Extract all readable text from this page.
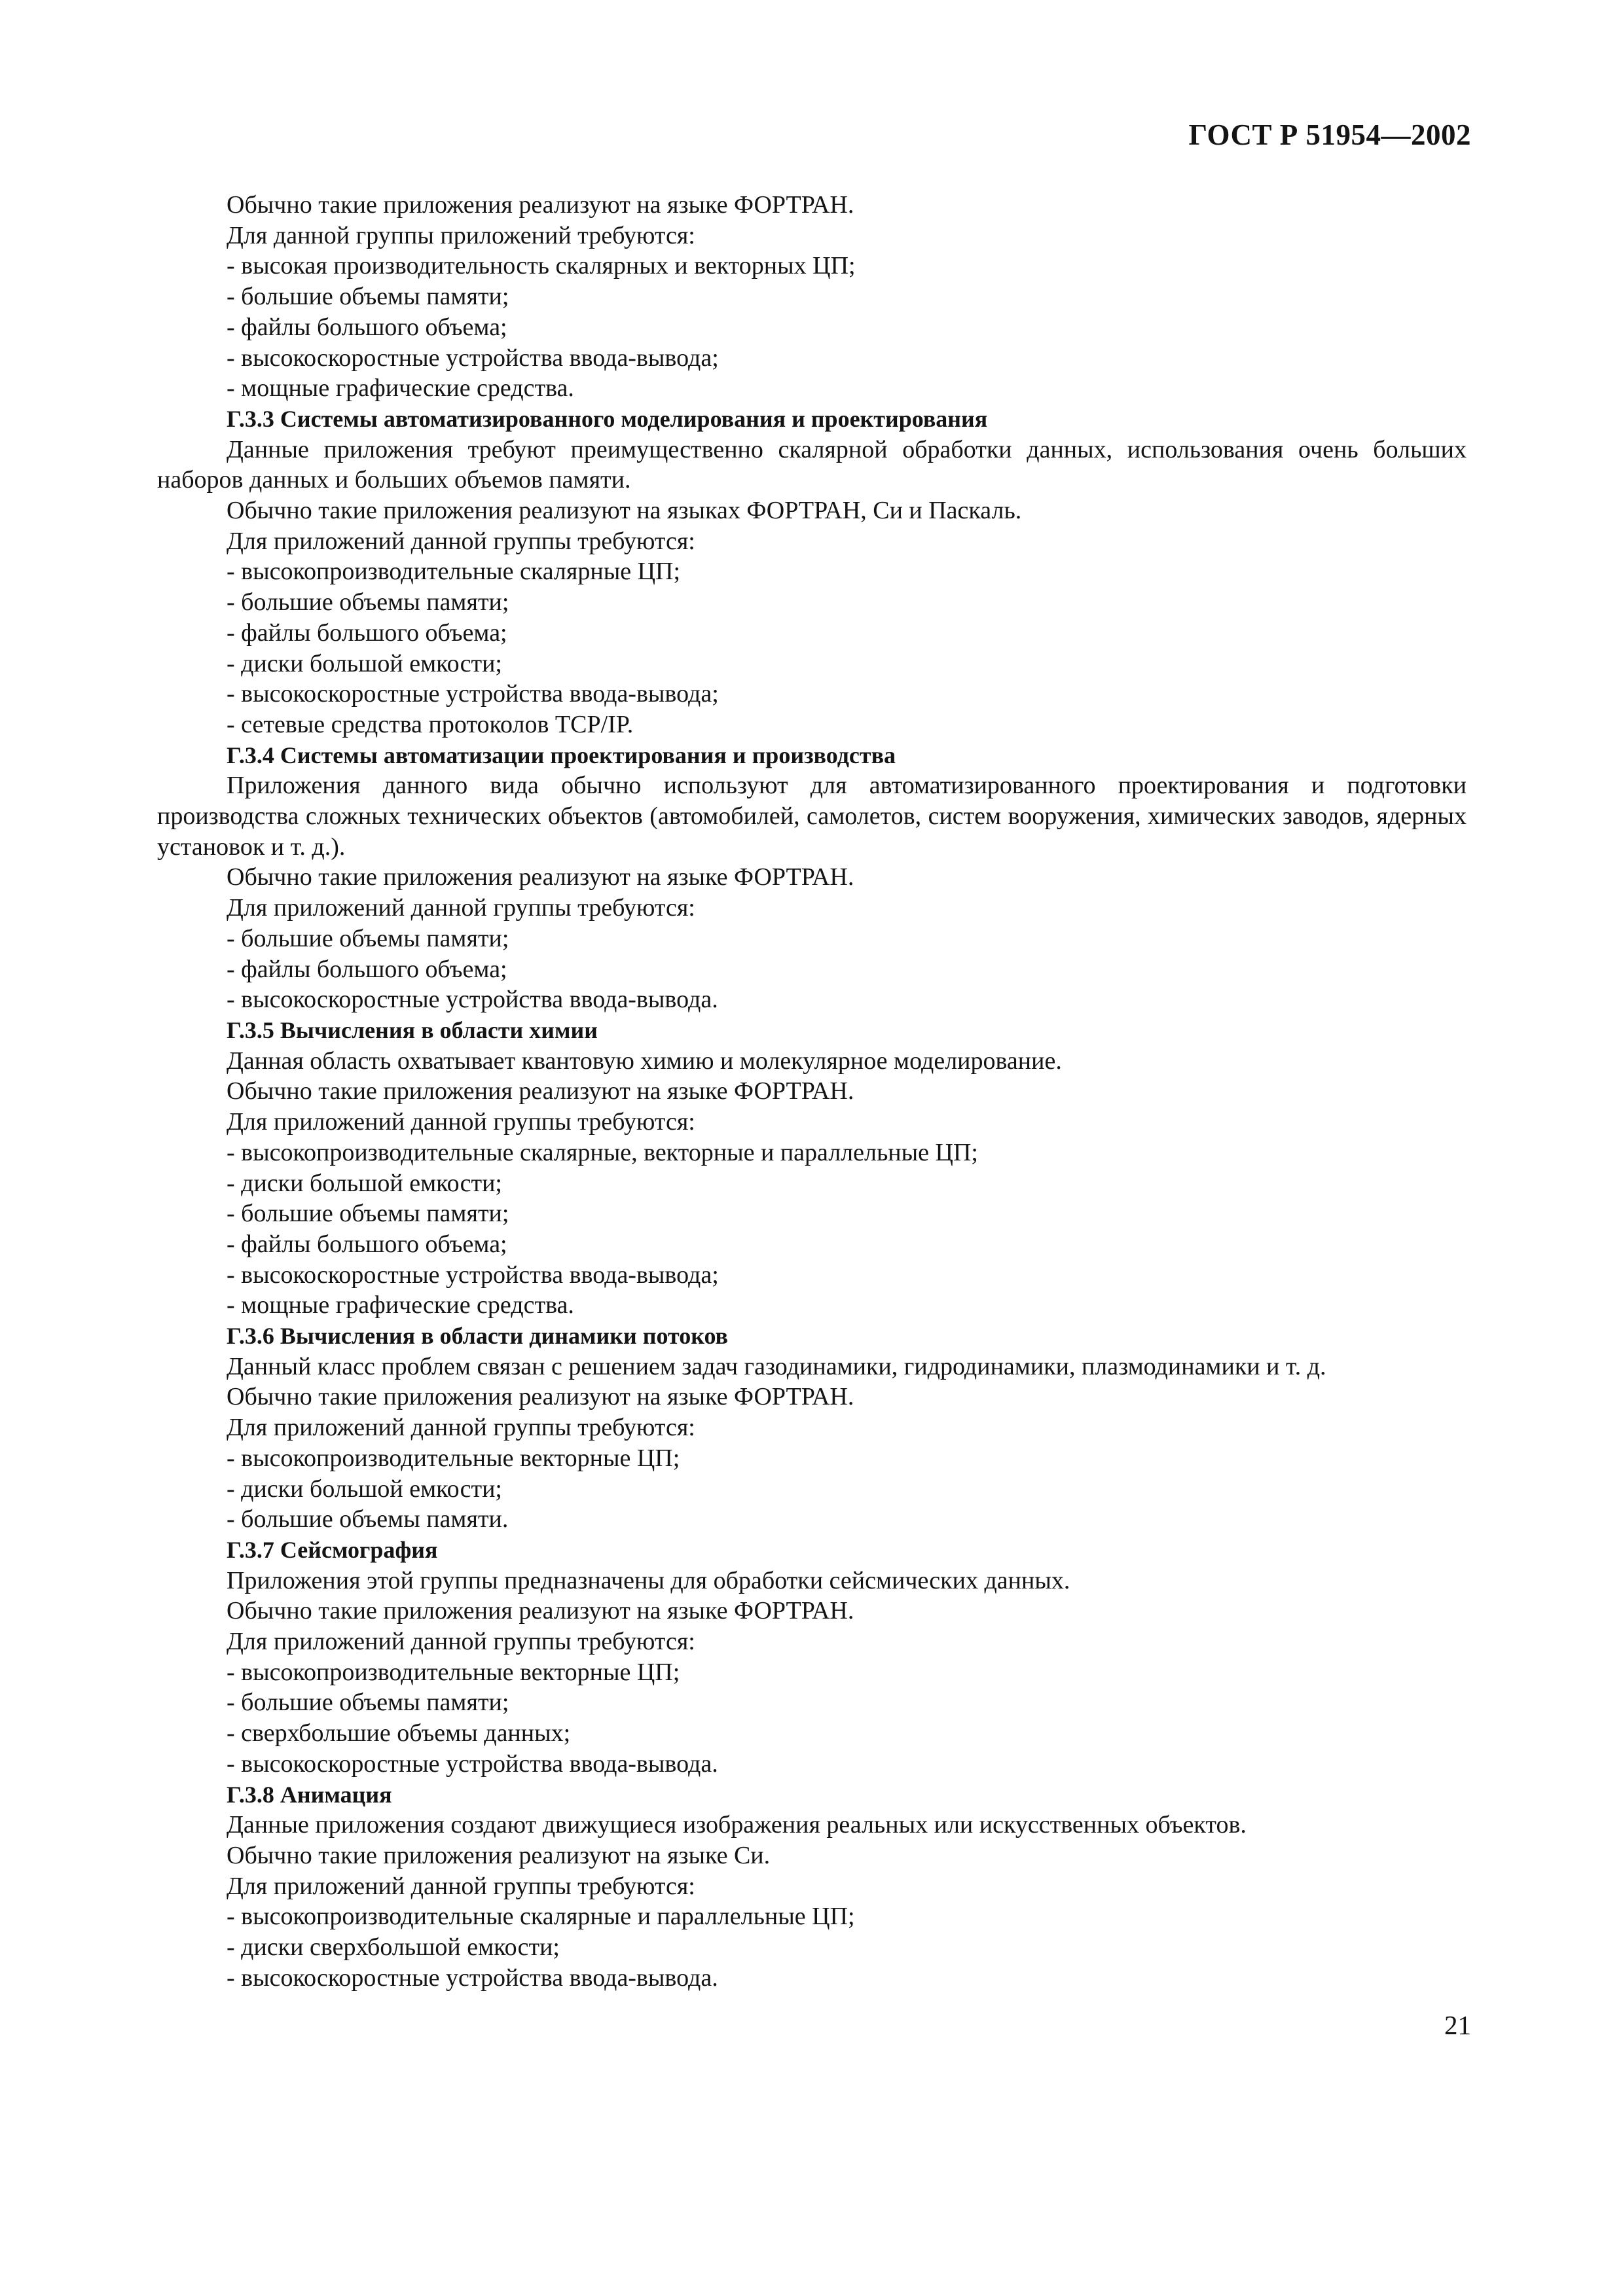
ГОСТ Р 51954—2002

Обычно такие приложения реализуют на языке ФОРТРАН.

Для данной группы приложений требуются:

- высокая производительность скалярных и векторных ЦП;

- большие объемы памяти;

- файлы большого объема;

- высокоскоростные устройства ввода-вывода;

- мощные графические средства.

Г.3.3 Системы автоматизированного моделирования и проектирования

Данные приложения требуют преимущественно скалярной обработки данных, использования очень больших наборов данных и больших объемов памяти.

Обычно такие приложения реализуют на языках ФОРТРАН, Си и Паскаль.

Для приложений данной группы требуются:

- высокопроизводительные скалярные ЦП;

- большие объемы памяти;

- файлы большого объема;

- диски большой емкости;

- высокоскоростные устройства ввода-вывода;

- сетевые средства протоколов TCP/IP.

Г.3.4 Системы автоматизации проектирования и производства

Приложения данного вида обычно используют для автоматизированного проектирования и подготовки производства сложных технических объектов (автомобилей, самолетов, систем вооружения, химических заводов, ядерных установок и т. д.).

Обычно такие приложения реализуют на языке ФОРТРАН.

Для приложений данной группы требуются:

- большие объемы памяти;

- файлы большого объема;

- высокоскоростные устройства ввода-вывода.

Г.3.5 Вычисления в области химии

Данная область охватывает квантовую химию и молекулярное моделирование.

Обычно такие приложения реализуют на языке ФОРТРАН.

Для приложений данной группы требуются:

- высокопроизводительные скалярные, векторные и параллельные ЦП;

- диски большой емкости;

- большие объемы памяти;

- файлы большого объема;

- высокоскоростные устройства ввода-вывода;

- мощные графические средства.

Г.3.6 Вычисления в области динамики потоков

Данный класс проблем связан с решением задач газодинамики, гидродинамики, плазмодинамики и т. д.

Обычно такие приложения реализуют на языке ФОРТРАН.

Для приложений данной группы требуются:

- высокопроизводительные векторные ЦП;

- диски большой емкости;

- большие объемы памяти.

Г.3.7 Сейсмография

Приложения этой группы предназначены для обработки сейсмических данных.

Обычно такие приложения реализуют на языке ФОРТРАН.

Для приложений данной группы требуются:

- высокопроизводительные векторные ЦП;

- большие объемы памяти;

- сверхбольшие объемы данных;

- высокоскоростные устройства ввода-вывода.

Г.3.8 Анимация

Данные приложения создают движущиеся изображения реальных или искусственных объектов.

Обычно такие приложения реализуют на языке Си.

Для приложений данной группы требуются:

- высокопроизводительные скалярные и параллельные ЦП;

- диски сверхбольшой емкости;

- высокоскоростные устройства ввода-вывода.

21
